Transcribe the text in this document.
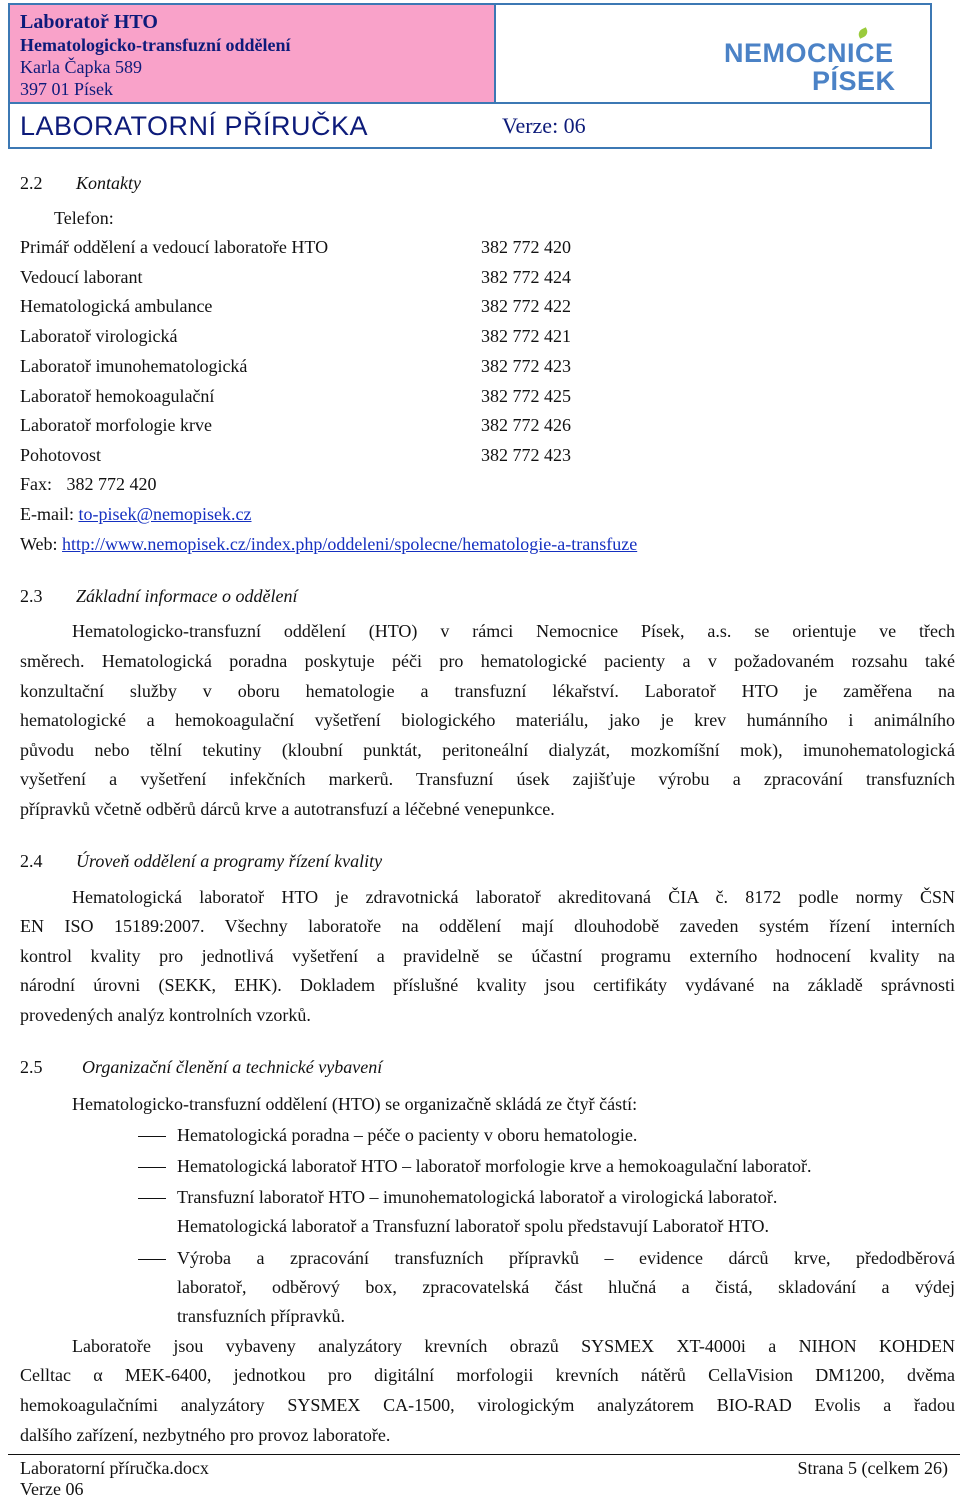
Laboratoř HTO
Hematologicko-transfuzní oddělení
Karla Čapka 589
397 01 Písek
NEMOCNICE
PÍSEK
LABORATORNÍ PŘÍRUČKA	Verze: 06
2.2 Kontakty
Telefon:
Primář oddělení a vedoucí laboratoře HTO	382 772 420
Vedoucí laborant	382 772 424
Hematologická ambulance	382 772 422
Laboratoř virologická	382 772 421
Laboratoř imunohematologická	382 772 423
Laboratoř hemokoagulační	382 772 425
Laboratoř morfologie krve	382 772 426
Pohotovost	382 772 423
Fax: 382 772 420
E-mail: to-pisek@nemopisek.cz
Web: http://www.nemopisek.cz/index.php/oddeleni/spolecne/hematologie-a-transfuze
2.3 Základní informace o oddělení
Hematologicko-transfuzní oddělení (HTO) v rámci Nemocnice Písek, a.s. se orientuje ve třech
směrech. Hematologická poradna poskytuje péči pro hematologické pacienty a v požadovaném rozsahu také
konzultační služby v oboru hematologie a transfuzní lékařství. Laboratoř HTO je zaměřena na
hematologické a hemokoagulační vyšetření biologického materiálu, jako je krev humánního i animálního
původu nebo tělní tekutiny (kloubní punktát, peritoneální dialyzát, mozkomíšní mok), imunohematologická
vyšetření a vyšetření infekčních markerů. Transfuzní úsek zajišťuje výrobu a zpracování transfuzních
přípravků včetně odběrů dárců krve a autotransfuzí a léčebné venepunkce.
2.4 Úroveň oddělení a programy řízení kvality
Hematologická laboratoř HTO je zdravotnická laboratoř akreditovaná ČIA č. 8172 podle normy ČSN
EN ISO 15189:2007. Všechny laboratoře na oddělení mají dlouhodobě zaveden systém řízení interních
kontrol kvality pro jednotlivá vyšetření a pravidelně se účastní programu externího hodnocení kvality na
národní úrovni (SEKK, EHK). Dokladem příslušné kvality jsou certifikáty vydávané na základě správnosti
provedených analýz kontrolních vzorků.
2.5 Organizační členění a technické vybavení
Hematologicko-transfuzní oddělení (HTO) se organizačně skládá ze čtyř částí:
Hematologická poradna – péče o pacienty v oboru hematologie.
Hematologická laboratoř HTO – laboratoř morfologie krve a hemokoagulační laboratoř.
Transfuzní laboratoř HTO – imunohematologická laboratoř a virologická laboratoř.
Hematologická laboratoř a Transfuzní laboratoř spolu představují Laboratoř HTO.
Výroba a zpracování transfuzních přípravků – evidence dárců krve, předodběrová
laboratoř, odběrový box, zpracovatelská část hlučná a čistá, skladování a výdej
transfuzních přípravků.
Laboratoře jsou vybaveny analyzátory krevních obrazů SYSMEX XT-4000i a NIHON KOHDEN
Celltac α MEK-6400, jednotkou pro digitální morfologii krevních nátěrů CellaVision DM1200, dvěma
hemokoagulačními analyzátory SYSMEX CA-1500, virologickým analyzátorem BIO-RAD Evolis a řadou
dalšího zařízení, nezbytného pro provoz laboratoře.
Laboratorní příručka.docx	Strana 5 (celkem 26)
Verze 06
